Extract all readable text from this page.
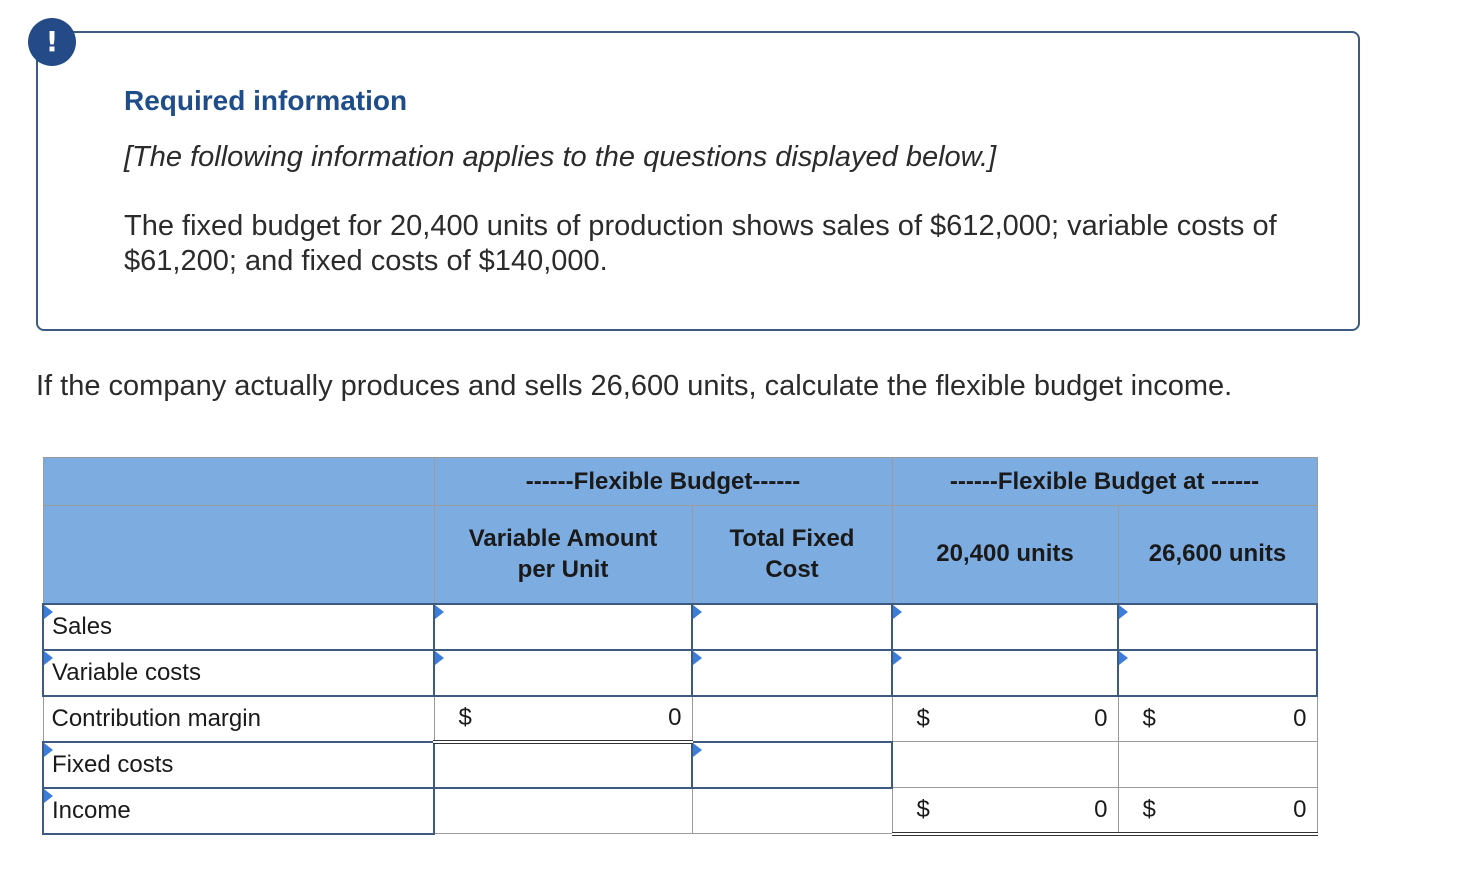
Required information
[The following information applies to the questions displayed below.]
The fixed budget for 20,400 units of production shows sales of $612,000; variable costs of $61,200; and fixed costs of $140,000.
!
If the company actually produces and sells 26,600 units, calculate the flexible budget income.
	------Flexible Budget------		------Flexible Budget at ------	

	Variable Amount per Unit	Total Fixed Cost	20,400 units	26,600 units

Sales	

Variable costs	

Contribution margin	$ 0		$ 0	$ 0

Fixed costs		

Income			$ 0	$ 0
